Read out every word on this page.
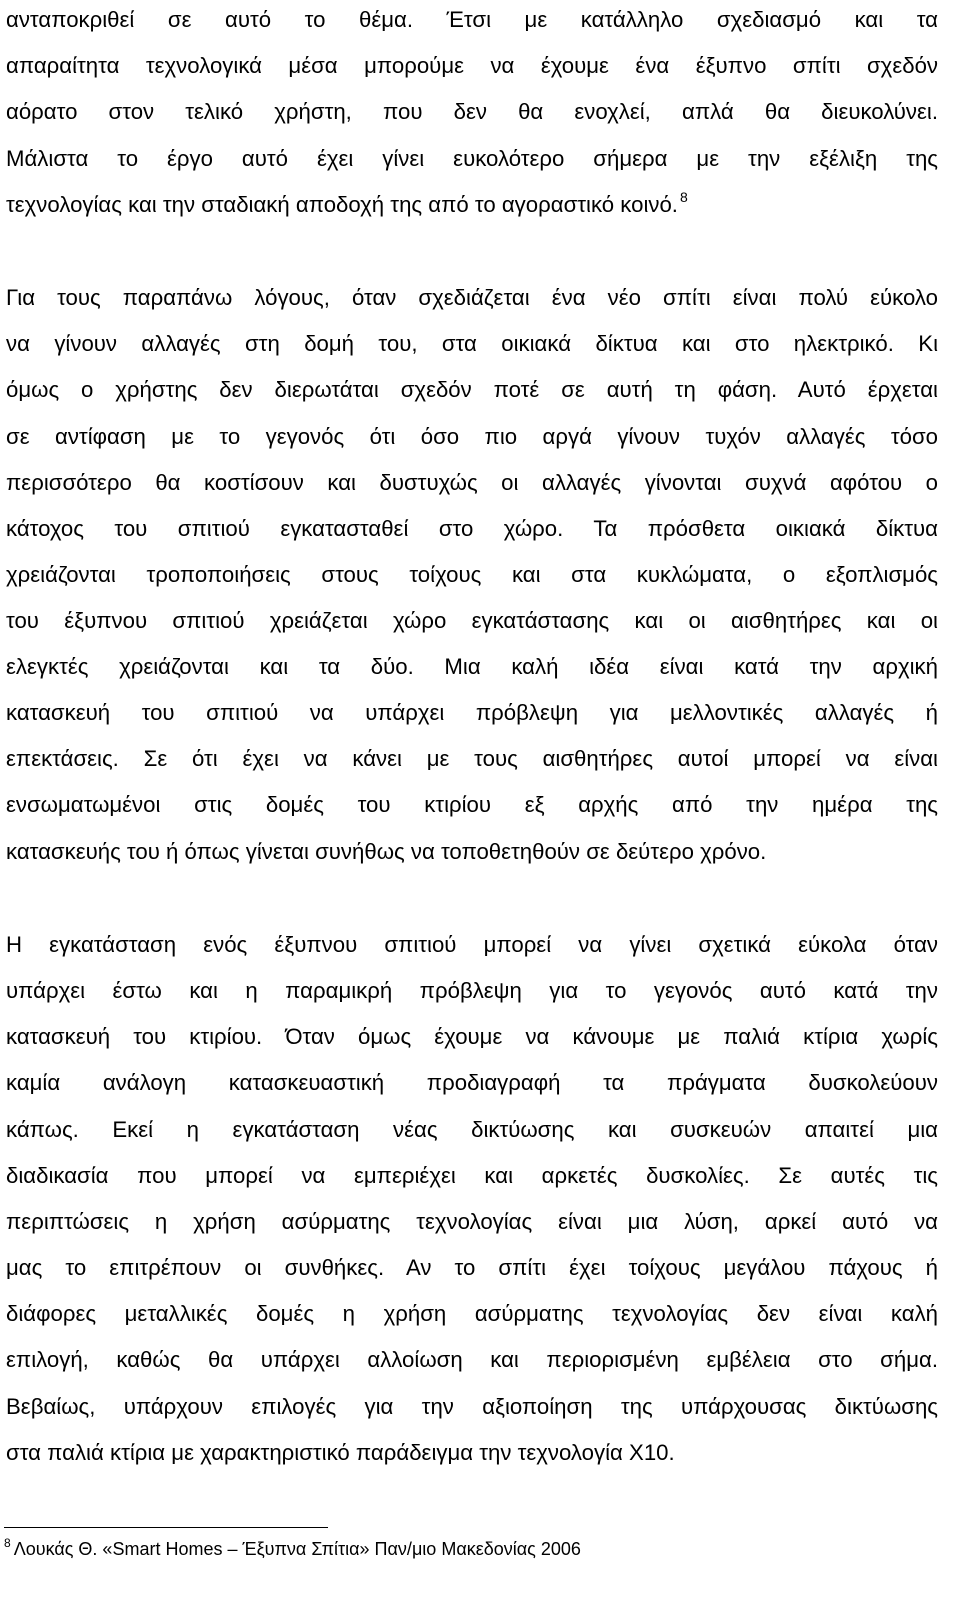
ανταποκριθεί σε αυτό το θέμα. Έτσι με κατάλληλο σχεδιασμό και τα
απαραίτητα τεχνολογικά μέσα μπορούμε να έχουμε ένα έξυπνο σπίτι σχεδόν
αόρατο στον τελικό χρήστη, που δεν θα ενοχλεί, απλά θα διευκολύνει.
Μάλιστα το έργο αυτό έχει γίνει ευκολότερο σήμερα με την εξέλιξη της
τεχνολογίας και την σταδιακή αποδοχή της από το αγοραστικό κοινό. $^8$
Για τους παραπάνω λόγους, όταν σχεδιάζεται ένα νέο σπίτι είναι πολύ εύκολο
να γίνουν αλλαγές στη δομή του, στα οικιακά δίκτυα και στο ηλεκτρικό. Κι
όμως ο χρήστης δεν διερωτάται σχεδόν ποτέ σε αυτή τη φάση. Αυτό έρχεται
σε αντίφαση με το γεγονός ότι όσο πιο αργά γίνουν τυχόν αλλαγές τόσο
περισσότερο θα κοστίσουν και δυστυχώς οι αλλαγές γίνονται συχνά αφότου ο
κάτοχος του σπιτιού εγκατασταθεί στο χώρο. Τα πρόσθετα οικιακά δίκτυα
χρειάζονται τροποποιήσεις στους τοίχους και στα κυκλώματα, ο εξοπλισμός
του έξυπνου σπιτιού χρειάζεται χώρο εγκατάστασης και οι αισθητήρες και οι
ελεγκτές χρειάζονται και τα δύο. Μια καλή ιδέα είναι κατά την αρχική
κατασκευή του σπιτιού να υπάρχει πρόβλεψη για μελλοντικές αλλαγές ή
επεκτάσεις. Σε ότι έχει να κάνει με τους αισθητήρες αυτοί μπορεί να είναι
ενσωματωμένοι στις δομές του κτιρίου εξ αρχής από την ημέρα της
κατασκευής του ή όπως γίνεται συνήθως να τοποθετηθούν σε δεύτερο χρόνο.
Η εγκατάσταση ενός έξυπνου σπιτιού μπορεί να γίνει σχετικά εύκολα όταν
υπάρχει έστω και η παραμικρή πρόβλεψη για το γεγονός αυτό κατά την
κατασκευή του κτιρίου. Όταν όμως έχουμε να κάνουμε με παλιά κτίρια χωρίς
καμία ανάλογη κατασκευαστική προδιαγραφή τα πράγματα δυσκολεύουν
κάπως. Εκεί η εγκατάσταση νέας δικτύωσης και συσκευών απαιτεί μια
διαδικασία που μπορεί να εμπεριέχει και αρκετές δυσκολίες. Σε αυτές τις
περιπτώσεις η χρήση ασύρματης τεχνολογίας είναι μια λύση, αρκεί αυτό να
μας το επιτρέπουν οι συνθήκες. Αν το σπίτι έχει τοίχους μεγάλου πάχους ή
διάφορες μεταλλικές δομές η χρήση ασύρματης τεχνολογίας δεν είναι καλή
επιλογή, καθώς θα υπάρχει αλλοίωση και περιορισμένη εμβέλεια στο σήμα.
Βεβαίως, υπάρχουν επιλογές για την αξιοποίηση της υπάρχουσας δικτύωσης
στα παλιά κτίρια με χαρακτηριστικό παράδειγμα την τεχνολογία X10.
$^8$ Λουκάς Θ. «Smart Homes – Έξυπνα Σπίτια» Παν/μιο Μακεδονίας 2006
